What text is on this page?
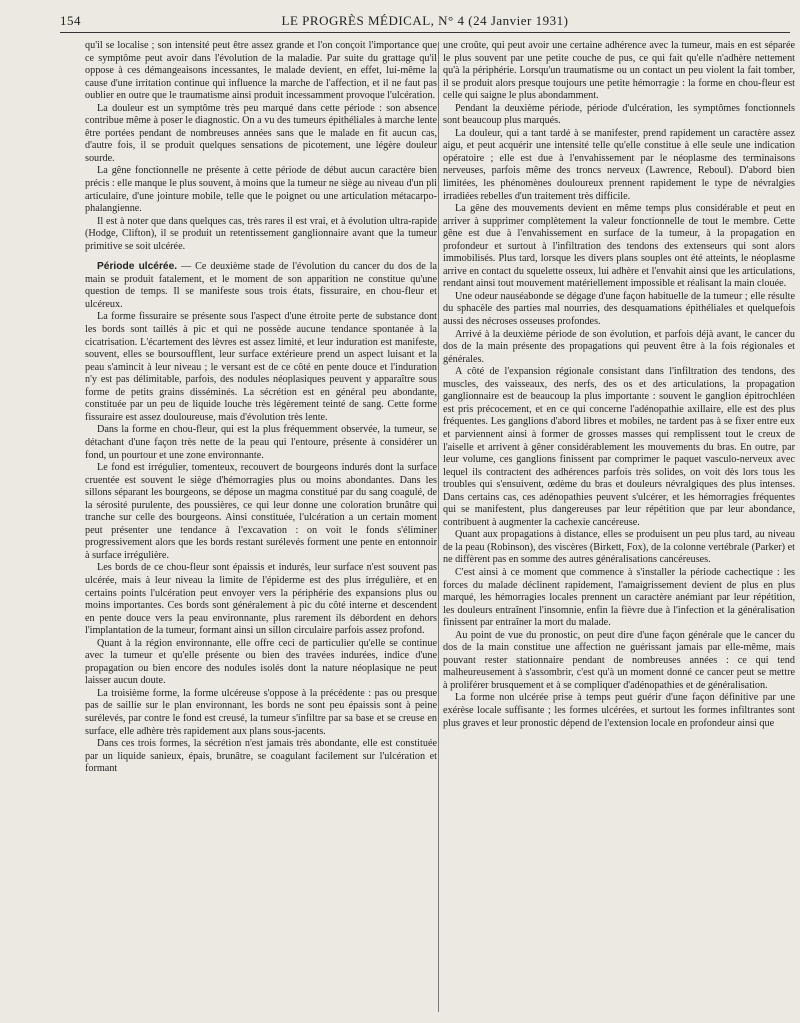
154	LE PROGRÈS MÉDICAL, N° 4 (24 Janvier 1931)

qu'il se localise ; son intensité peut être assez grande et l'on conçoit l'importance que ce symptôme peut avoir dans l'évolution de la maladie. Par suite du grattage qu'il oppose à ces démangeaisons incessantes, le malade devient, en effet, lui-même la cause d'une irritation continue qui influence la marche de l'affection, et il ne faut pas oublier en outre que le traumatisme ainsi produit incessamment provoque l'ulcération.

La douleur est un symptôme très peu marqué dans cette période : son absence contribue même à poser le diagnostic. On a vu des tumeurs épithéliales à marche lente être portées pendant de nombreuses années sans que le malade en fit aucun cas, d'autre fois, il se produit quelques sensations de picotement, une légère douleur sourde.

La gêne fonctionnelle ne présente à cette période de début aucun caractère bien précis : elle manque le plus souvent, à moins que la tumeur ne siège au niveau d'un pli articulaire, d'une jointure mobile, telle que le poignet ou une articulation métacarpo-phalangienne.

Il est à noter que dans quelques cas, très rares il est vrai, et à évolution ultra-rapide (Hodge, Clifton), il se produit un retentissement ganglionnaire avant que la tumeur primitive se soit ulcérée.

Période ulcérée. — Ce deuxième stade de l'évolution du cancer du dos de la main se produit fatalement, et le moment de son apparition ne constitue qu'une question de temps. Il se manifeste sous trois états, fissuraire, en chou-fleur et ulcéreux.

La forme fissuraire se présente sous l'aspect d'une étroite perte de substance dont les bords sont taillés à pic et qui ne possède aucune tendance spontanée à la cicatrisation. L'écartement des lèvres est assez limité, et leur induration est manifeste, souvent, elles se boursoufflent, leur surface extérieure prend un aspect luisant et la peau s'amincit à leur niveau ; le versant est de ce côté en pente douce et l'induration n'y est pas délimitable, parfois, des nodules néoplasiques peuvent y apparaître sous forme de petits grains disséminés. La sécrétion est en général peu abondante, constituée par un peu de liquide louche très légèrement teinté de sang. Cette forme fissuraire est assez douloureuse, mais d'évolution très lente.

Dans la forme en chou-fleur, qui est la plus fréquemment observée, la tumeur, se détachant d'une façon très nette de la peau qui l'entoure, présente à considérer un fond, un pourtour et une zone environnante.

Le fond est irrégulier, tomenteux, recouvert de bourgeons indurés dont la surface cruentée est souvent le siège d'hémorragies plus ou moins abondantes. Dans les sillons séparant les bourgeons, se dépose un magma constitué par du sang coagulé, de la sérosité purulente, des poussières, ce qui leur donne une coloration brunâtre qui tranche sur celle des bourgeons. Ainsi constituée, l'ulcération a un certain moment peut présenter une tendance à l'excavation : on voit le fonds s'éliminer progressivement alors que les bords restant surélevés forment une pente en entonnoir à surface irrégulière.

Les bords de ce chou-fleur sont épaissis et indurés, leur surface n'est souvent pas ulcérée, mais à leur niveau la limite de l'épiderme est des plus irrégulière, et en certains points l'ulcération peut envoyer vers la périphérie des expansions plus ou moins importantes. Ces bords sont généralement à pic du côté interne et descendent en pente douce vers la peau environnante, plus rarement ils débordent en dehors l'implantation de la tumeur, formant ainsi un sillon circulaire parfois assez profond.

Quant à la région environnante, elle offre ceci de particulier qu'elle se continue avec la tumeur et qu'elle présente ou bien des travées indurées, indice d'une propagation ou bien encore des nodules isolés dont la nature néoplasique ne peut laisser aucun doute.

La troisième forme, la forme ulcéreuse s'oppose à la précédente : pas ou presque pas de saillie sur le plan environnant, les bords ne sont peu épaissis sont à peine surélevés, par contre le fond est creusé, la tumeur s'infiltre par sa base et se creuse en surface, elle adhère très rapidement aux plans sous-jacents.

Dans ces trois formes, la sécrétion n'est jamais très abondante, elle est constituée par un liquide sanieux, épais, brunâtre, se coagulant facilement sur l'ulcération et formant

une croûte, qui peut avoir une certaine adhérence avec la tumeur, mais en est séparée le plus souvent par une petite couche de pus, ce qui fait qu'elle n'adhère nettement qu'à la périphérie. Lorsqu'un traumatisme ou un contact un peu violent la fait tomber, il se produit alors presque toujours une petite hémorragie : la forme en chou-fleur est celle qui saigne le plus abondamment.

Pendant la deuxième période, période d'ulcération, les symptômes fonctionnels sont beaucoup plus marqués.

La douleur, qui a tant tardé à se manifester, prend rapidement un caractère assez aigu, et peut acquérir une intensité telle qu'elle constitue à elle seule une indication opératoire ; elle est due à l'envahissement par le néoplasme des terminaisons nerveuses, parfois même des troncs nerveux (Lawrence, Reboul). D'abord bien limitées, les phénomènes douloureux prennent rapidement le type de névralgies irradiées rebelles d'un traitement très difficile.

La gêne des mouvements devient en même temps plus considérable et peut en arriver à supprimer complètement la valeur fonctionnelle de tout le membre. Cette gêne est due à l'envahissement en surface de la tumeur, à la propagation en profondeur et surtout à l'infiltration des tendons des extenseurs qui sont alors immobilisés. Plus tard, lorsque les divers plans souples ont été atteints, le néoplasme arrive en contact du squelette osseux, lui adhère et l'envahit ainsi que les articulations, rendant ainsi tout mouvement matériellement impossible et réalisant la main clouée.

Une odeur nauséabonde se dégage d'une façon habituelle de la tumeur ; elle résulte du sphacèle des parties mal nourries, des desquamations épithéliales et quelquefois aussi des nécroses osseuses profondes.

Arrivé à la deuxième période de son évolution, et parfois déjà avant, le cancer du dos de la main présente des propagations qui peuvent être à la fois régionales et générales.

A côté de l'expansion régionale consistant dans l'infiltration des tendons, des muscles, des vaisseaux, des nerfs, des os et des articulations, la propagation ganglionnaire est de beaucoup la plus importante : souvent le ganglion épitrochléen est pris précocement, et en ce qui concerne l'adénopathie axillaire, elle est des plus fréquentes. Les ganglions d'abord libres et mobiles, ne tardent pas à se fixer entre eux et parviennent ainsi à former de grosses masses qui remplissent tout le creux de l'aiselle et arrivent à gêner considérablement les mouvements du bras. En outre, par leur volume, ces ganglions finissent par comprimer le paquet vasculo-nerveux avec lequel ils contractent des adhérences parfois très solides, on voit dès lors tous les troubles qui s'ensuivent, œdème du bras et douleurs névralgiques des plus intenses. Dans certains cas, ces adénopathies peuvent s'ulcérer, et les hémorragies fréquentes qui se manifestent, plus dangereuses par leur répétition que par leur abondance, contribuent à augmenter la cachexie cancéreuse.

Quant aux propagations à distance, elles se produisent un peu plus tard, au niveau de la peau (Robinson), des viscères (Birkett, Fox), de la colonne vertébrale (Parker) et ne diffèrent pas en somme des autres généralisations cancéreuses.

C'est ainsi à ce moment que commence à s'installer la période cachectique : les forces du malade déclinent rapidement, l'amaigrissement devient de plus en plus marqué, les hémorragies locales prennent un caractère anémiant par leur répétition, les douleurs entraînent l'insomnie, enfin la fièvre due à l'infection et la généralisation finissent par entraîner la mort du malade.

Au point de vue du pronostic, on peut dire d'une façon générale que le cancer du dos de la main constitue une affection ne guérissant jamais par elle-même, mais pouvant rester stationnaire pendant de nombreuses années : ce qui tend malheureusement à s'assombrir, c'est qu'à un moment donné ce cancer peut se mettre à proliférer brusquement et à se compliquer d'adénopathies et de généralisation.

La forme non ulcérée prise à temps peut guérir d'une façon définitive par une exérèse locale suffisante ; les formes ulcérées, et surtout les formes infiltrantes sont plus graves et leur pronostic dépend de l'extension locale en profondeur ainsi que
